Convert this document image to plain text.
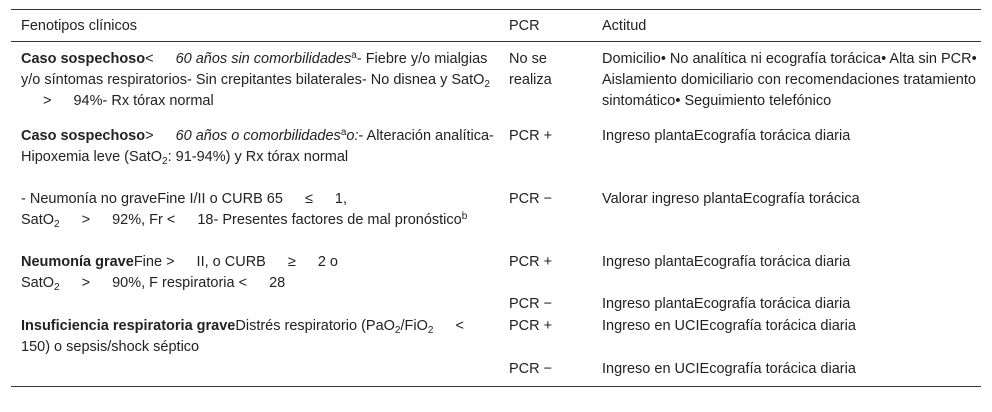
Fenotipos clínicos	PCR	Actitud
Caso sospechoso< 60 años sin comorbilidades$^a$- Fiebre y/o mialgias y/o síntomas respiratorios- Sin crepitantes bilaterales- No disnea y SatO$_2$> 94%- Rx tórax normal	No se realiza	Domicilio• No analítica ni ecografía torácica• Alta sin PCR• Aislamiento domiciliario con recomendaciones tratamiento sintomático• Seguimiento telefónico
Caso sospechoso> 60 años o comorbilidades$^a$o:- Alteración analítica- Hipoxemia leve (SatO$_2$: 91-94%) y Rx tórax normal	PCR +	Ingreso plantaEcografía torácica diaria
- Neumonía no graveFine I/II o CURB 65 ≤ 1,
SatO$_2$ > 92%, Fr < 18- Presentes factores de mal pronóstico$^b$	PCR −	Valorar ingreso plantaEcografía torácica
Neumonía graveFine > II, o CURB ≥ 2 o
SatO$_2$ > 90%, F respiratoria < 28	PCR +	Ingreso plantaEcografía torácica diaria
	PCR −	Ingreso plantaEcografía torácica diaria
Insuficiencia respiratoria graveDistrés respiratorio (PaO$_2$/FiO$_2$ <150) o sepsis/shock séptico	PCR +	Ingreso en UCIEcografía torácica diaria
	PCR −	Ingreso en UCIEcografía torácica diaria
